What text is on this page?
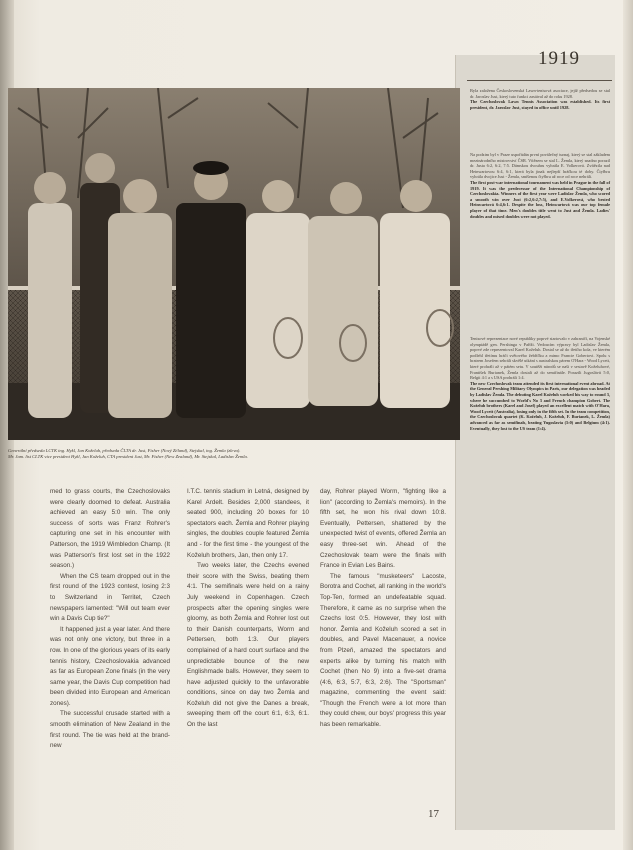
1919

Byla založena Československá Lawn-tenisová asociace, jejíž předsedou se stal dr. Jaroslav Just, který tuto funkci zastával až do roku 1928.

The Czechoslovak Lawn Tennis Association was established. Its first president, dr. Jaroslav Just, stayed in office until 1928.

Na podzim byl v Praze uspořádán první poválečný turnaj, který se stal základem mezinárodního mistrovství ČSR. Vítězem se stal L. Žemla, který snadno porazil dr. Justa 6:2, 6:2, 7:5. Dámskou dvouhru vyhrála E. Volkerová. Zvítězila nad Heinwartovou 6:4, 6:1, která byla jinak nejlepší hráčkou té doby. Čtyřhru vyhrála dvojice Just - Žemla, smíšenou čtyřhru až roce od roce nehráli.

The first post-war international tournament was held in Prague in the fall of 1919. It was the predecessor of the International Championship of Czechoslovakia. Winners of the first year were Ladislav Žemla, who scored a smooth win over Just (6:2,6:2,7:5), and E.Volkerová, who bested Heinwartová 6:4,6:1. Despite the loss, Heinwartová was our top female player of that time. Men's doubles title went to Just and Žemla. Ladies' doubles and mixed doubles were not played.

Tenisové reprezentace nové republiky poprvé startovalo v zahraničí, na Vojenské olympiádě gen. Pershinga v Paříži. Vedoucím výpravy byl Ladislav Žemla, poprvé zde reprezentoval Karel Koželuh. Dostal se až do třetího kola, ve kterém podlehl třetímu hráči světového žebříčku a mimo Francie Gobertovi. Spolu s bratrem Josefem sehráli skvělé utkání s australskou párem O'Hara - Wood Lycett, které prohráli až v pátém setu. V soutěži národů se naši v sestavě Koželuhové, František Burianek, Žemla dostali až do semifinále. Porazili Jugoslávii 5:0, Belgii 4:1 a s USA prohráli 1:4.

The new Czechoslovak team attended its first international event abroad. At the General Pershing Military Olympics in Paris, our delegation was headed by Ladislav Žemla. The debuting Karel Koželuh worked his way to round 3, where he succumbed to World's No 3 and French champion Gobert. The Koželuh brothers (Karel and Josef) played an excellent match with O'Hara, Wood Lycett (Australia), losing only in the fifth set. In the team competition, the Czechoslovak quartet (K. Koželuh, J. Koželuh, F. Burianek, L. Žemla) advanced as far as semifinals, beating Yugoslavia (5:0) and Belgium (4:1). Eventually, they lost to the US team (1:4).

Generální předseda LCTK ing. Hykl, Jan Koželuh, předseda ČLTA dr. Just, Fisher (Nový Zéland), Stejskal, ing. Žemla (zleva).
Mr. Jam. list CLTK vice president Hykl, Jan Koželuh, CTA president Just, Mr. Fisher (New Zealand), Mr. Stejskal, Ladislav Žemla.

med to grass courts, the Czechoslovaks were clearly doomed to defeat. Australia achieved an easy 5:0 win. The only success of sorts was Franz Rohrer's capturing one set in his encounter with Patterson, the 1919 Wimbledon Champ. (It was Patterson's first lost set in the 1922 season.)

When the CS team dropped out in the first round of the 1923 contest, losing 2:3 to Switzerland in Territet, Czech newspapers lamented: "Will out team ever win a Davis Cup tie?"

It happened just a year later. And there was not only one victory, but three in a row. In one of the glorious years of its early tennis history, Czechoslovakia advanced as far as European Zone finals (in the very same year, the Davis Cup competition had been divided into European and American zones).

The successful crusade started with a smooth elimination of New Zealand in the first round. The tie was held at the brand-new

I.T.C. tennis stadium in Letná, designed by Karel Ardelt. Besides 2,000 standees, it seated 900, including 20 boxes for 10 spectators each. Žemla and Rohrer playing singles, the doubles couple featured Žemla and - for the first time - the youngest of the Koželuh brothers, Jan, then only 17.

Two weeks later, the Czechs evened their score with the Swiss, beating them 4:1. The semifinals were held on a rainy July weekend in Copenhagen. Czech prospects after the opening singles were gloomy, as both Žemla and Rohrer lost out to their Danish counterparts, Worm and Pettersen, both 1:3. Our players complained of a hard court surface and the unpredictable bounce of the new Englishmade balls. However, they seem to have adjusted quickly to the unfavorable conditions, since on day two Žemla and Koželuh did not give the Danes a break, sweeping them off the court 6:1, 6:3, 6:1. On the last

day, Rohrer played Worm, "fighting like a lion" (according to Žemla's memoirs). In the fifth set, he won his rival down 10:8. Eventually, Pettersen, shattered by the unexpected twist of events, offered Žemla an easy three-set win. Ahead of the Czechoslovak team were the finals with France in Evian Les Bains.

The famous "musketeers" Lacoste, Borotra and Cochet, all ranking in the world's Top-Ten, formed an undefeatable squad. Therefore, it came as no surprise when the Czechs lost 0:5. However, they lost with honor. Žemla and Koželuh scored a set in doubles, and Pavel Macenauer, a novice from Plzeň, amazed the spectators and experts alike by turning his match with Cochet (then No 9) into a five-set drama (4:6, 6:3, 5:7, 6:3, 2:6). The "Sportsman" magazine, commenting the event said: "Though the French were a lot more than they could chew, our boys' progress this year has been remarkable.

17
